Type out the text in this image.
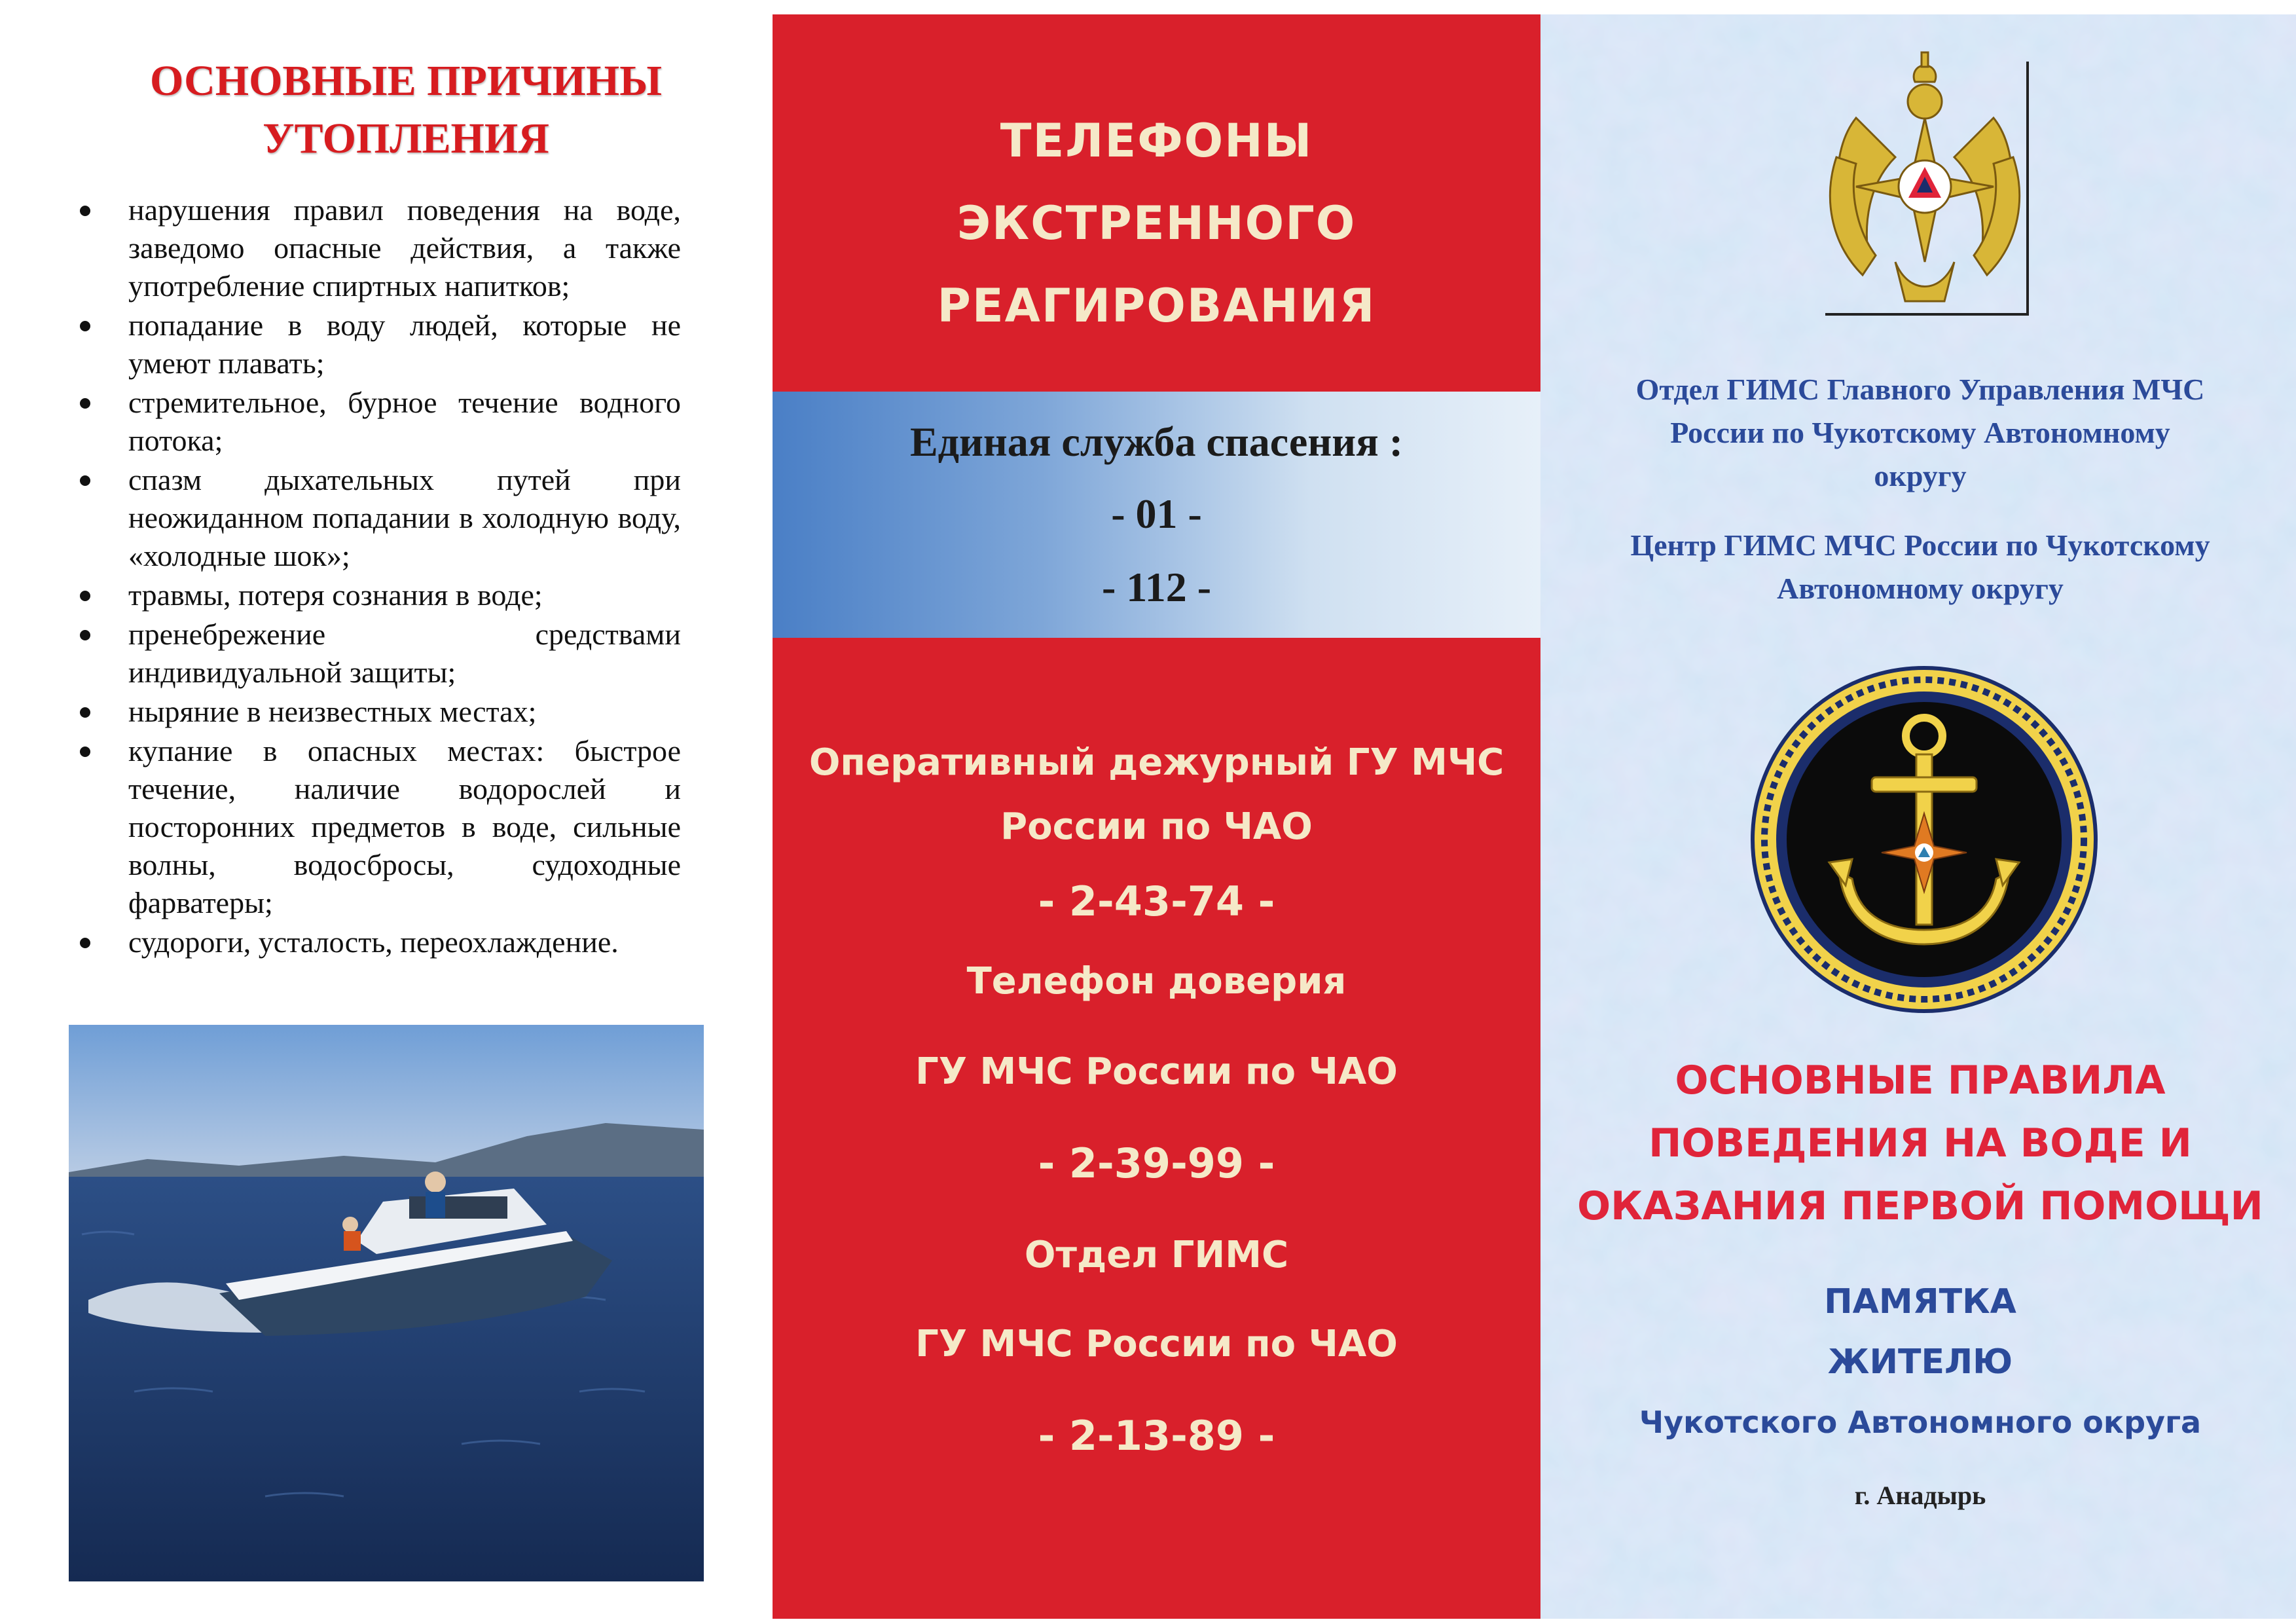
ОСНОВНЫЕ ПРИЧИНЫ
УТОПЛЕНИЯ
нарушения правил поведения на воде, заведомо опасные действия, а также употребление спиртных напитков;
попадание в воду людей, которые не умеют плавать;
стремительное, бурное течение водного потока;
спазм дыхательных путей при неожиданном попадании в холодную воду, «холодные шок»;
травмы, потеря сознания в воде;
пренебрежение средствами индивидуальной защиты;
ныряние в неизвестных местах;
купание в опасных местах: быстрое течение, наличие водорослей и посторонних предметов в воде, сильные волны, водосбросы, судоходные фарватеры;
судороги, усталость, переохлаждение.
ТЕЛЕФОНЫ
ЭКСТРЕННОГО
РЕАГИРОВАНИЯ
Единая служба спасения :
- 01 -
- 112 -
Оперативный дежурный ГУ МЧС
России по ЧАО
- 2-43-74 -
Телефон доверия
ГУ МЧС России по ЧАО
- 2-39-99 -
Отдел ГИМС
ГУ МЧС России по ЧАО
- 2-13-89 -
Отдел ГИМС Главного Управления МЧС
России по Чукотскому Автономному
округу
Центр ГИМС МЧС России по Чукотскому
Автономному округу
ОСНОВНЫЕ ПРАВИЛА
ПОВЕДЕНИЯ НА ВОДЕ И
ОКАЗАНИЯ ПЕРВОЙ ПОМОЩИ
ПАМЯТКА
ЖИТЕЛЮ
Чукотского Автономного округа
г. Анадырь
